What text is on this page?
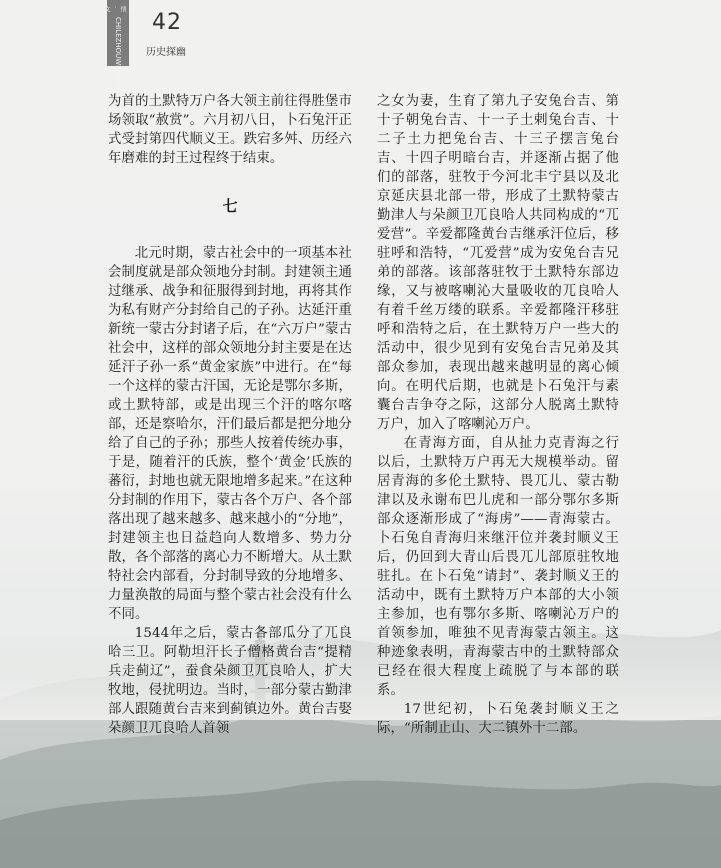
故乡情·文化
CHILEZHOUWENHUA 42
历史探幽

为首的土默特万户各大领主前往得胜堡市场领取“赦赏”。六月初八日，卜石兔汗正式受封第四代顺义王。跌宕多舛、历经六年磨难的封王过程终于结束。

七

北元时期，蒙古社会中的一项基本社会制度就是部众领地分封制。封建领主通过继承、战争和征服得到封地，再将其作为私有财产分封给自己的子孙。达延汗重新统一蒙古分封诸子后，在“六万户”蒙古社会中，这样的部众领地分封主要是在达延汗子孙一系“黄金家族”中进行。在“每一个这样的蒙古汗国，无论是鄂尔多斯，或土默特部，或是出现三个汗的喀尔喀部，还是察哈尔，汗们最后都是把分地分给了自己的子孙；那些人按着传统办事，于是，随着汗的氏族，整个‘黄金’氏族的蕃衍，封地也就无限地增多起来。”在这种分封制的作用下，蒙古各个万户、各个部落出现了越来越多、越来越小的“分地”，封建领主也日益趋向人数增多、势力分散，各个部落的离心力不断增大。从土默特社会内部看，分封制导致的分地增多、力量涣散的局面与整个蒙古社会没有什么不同。

1544年之后，蒙古各部瓜分了兀良哈三卫。阿勒坦汗长子僧格黄台吉“提精兵走蓟辽”，蚕食朵颜卫兀良哈人，扩大牧地，侵扰明边。当时，一部分蒙古勤津部人跟随黄台吉来到蓟镇边外。黄台吉娶朵颜卫兀良哈人首领

之女为妻，生育了第九子安兔台吉、第十子朝兔台吉、十一子土剌兔台吉、十二子土力把兔台吉、十三子摆言兔台吉、十四子明暗台吉，并逐渐占据了他们的部落，驻牧于今河北丰宁县以及北京延庆县北部一带，形成了土默特蒙古勤津人与朵颜卫兀良哈人共同构成的“兀爱营”。辛爱都隆黄台吉继承汗位后，移驻呼和浩特，“兀爱营”成为安兔台吉兄弟的部落。该部落驻牧于土默特东部边缘，又与被喀喇沁大量吸收的兀良哈人有着千丝万缕的联系。辛爱都隆汗移驻呼和浩特之后，在土默特万户一些大的活动中，很少见到有安兔台吉兄弟及其部众参加，表现出越来越明显的离心倾向。在明代后期，也就是卜石兔汗与素囊台吉争夺之际，这部分人脱离土默特万户，加入了喀喇沁万户。

在青海方面，自从扯力克青海之行以后，土默特万户再无大规模举动。留居青海的多伦土默特、畏兀儿、蒙古勒津以及永谢布巴儿虎和一部分鄂尔多斯部众逐渐形成了“海虏”——青海蒙古。卜石兔自青海归来继汗位并袭封顺义王后，仍回到大青山后畏兀儿部原驻牧地驻扎。在卜石兔“请封”、袭封顺义王的活动中，既有土默特万户本部的大小领主参加，也有鄂尔多斯、喀喇沁万户的首领参加，唯独不见青海蒙古领主。这种迹象表明，青海蒙古中的土默特部众已经在很大程度上疏脱了与本部的联系。

17世纪初，卜石兔袭封顺义王之际，“所制止山、大二镇外十二部。
